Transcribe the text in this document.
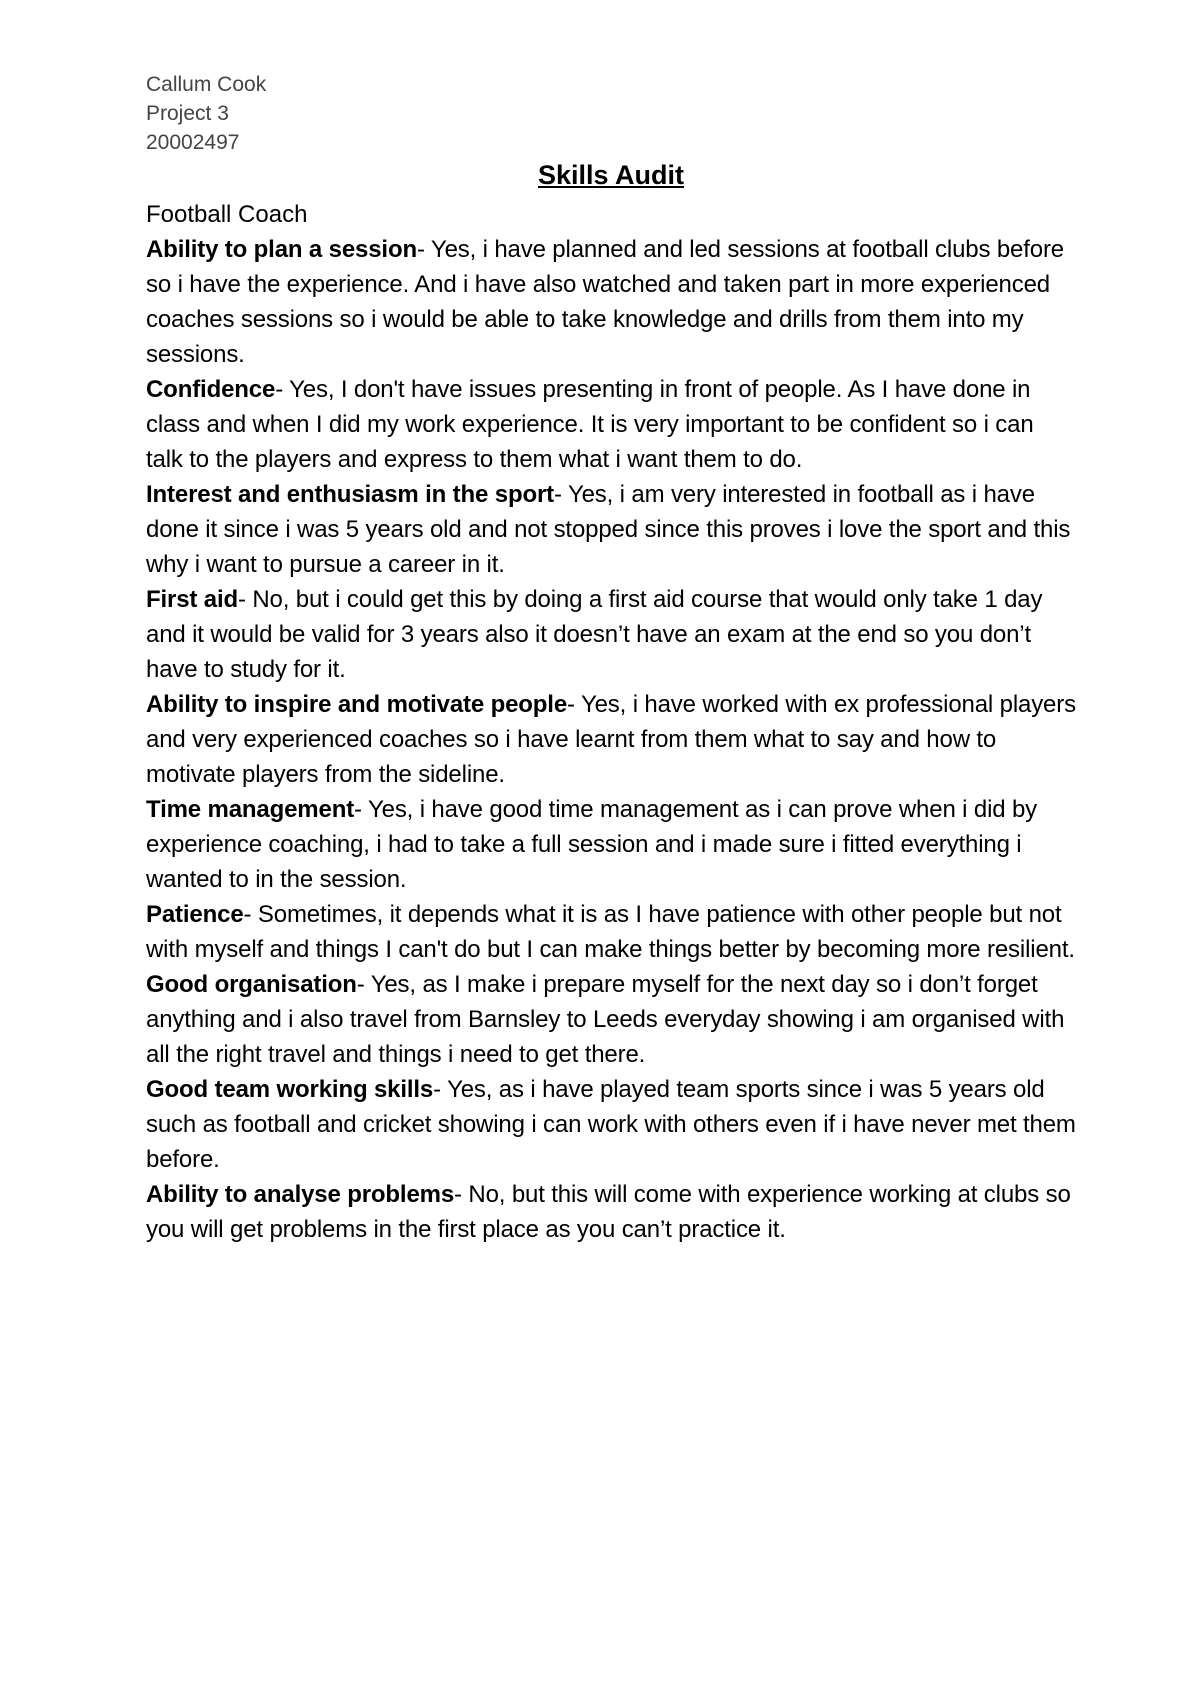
Callum Cook

Project 3

20002497

Skills Audit

Football Coach

Ability to plan a session- Yes, i have planned and led sessions at football clubs before so i have the experience. And i have also watched and taken part in more experienced coaches sessions so i would be able to take knowledge and drills from them into my sessions.

Confidence- Yes, I don't have issues presenting in front of people. As I have done in class and when I did my work experience. It is very important to be confident so i can talk to the players and express to them what i want them to do.

Interest and enthusiasm in the sport- Yes, i am very interested in football as i have done it since i was 5 years old and not stopped since this proves i love the sport and this why i want to pursue a career in it.

First aid- No, but i could get this by doing a first aid course that would only take 1 day and it would be valid for 3 years also it doesn’t have an exam at the end so you don’t have to study for it.

Ability to inspire and motivate people- Yes, i have worked with ex professional players and very experienced coaches so i have learnt from them what to say and how to motivate players from the sideline.

Time management- Yes, i have good time management as i can prove when i did by experience coaching, i had to take a full session and i made sure i fitted everything i wanted to in the session.

Patience- Sometimes, it depends what it is as I have patience with other people but not with myself and things I can't do but I can make things better by becoming more resilient.

Good organisation- Yes, as I make i prepare myself for the next day so i don’t forget anything and i also travel from Barnsley to Leeds everyday showing i am organised with all the right travel and things i need to get there.

Good team working skills- Yes, as i have played team sports since i was 5 years old such as football and cricket showing i can work with others even if i have never met them before.

Ability to analyse problems- No, but this will come with experience working at clubs so you will get problems in the first place as you can’t practice it.
